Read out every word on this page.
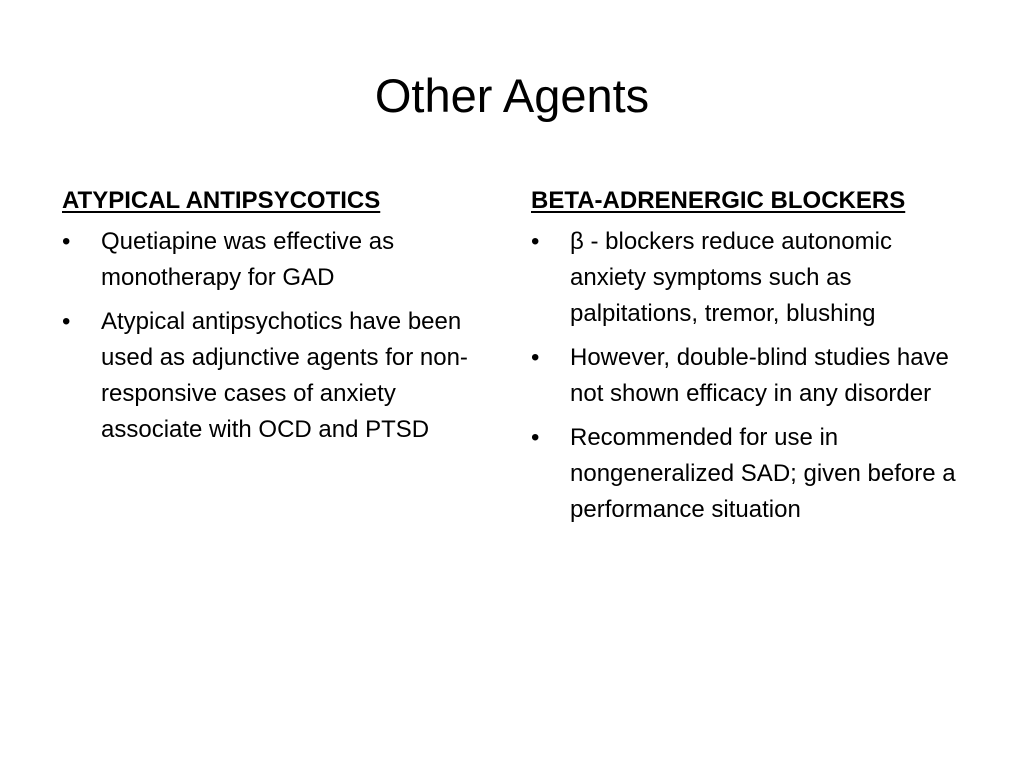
Other Agents
ATYPICAL ANTIPSYCOTICS
•	Quetiapine was effective as monotherapy for GAD
•	Atypical antipsychotics have been used as adjunctive agents for non-responsive cases of anxiety associate with OCD and PTSD
BETA-ADRENERGIC BLOCKERS
•	β - blockers reduce autonomic anxiety symptoms such as palpitations, tremor, blushing
•	However, double-blind studies have not shown efficacy in any disorder
•	Recommended for use in nongeneralized SAD; given before a performance situation
